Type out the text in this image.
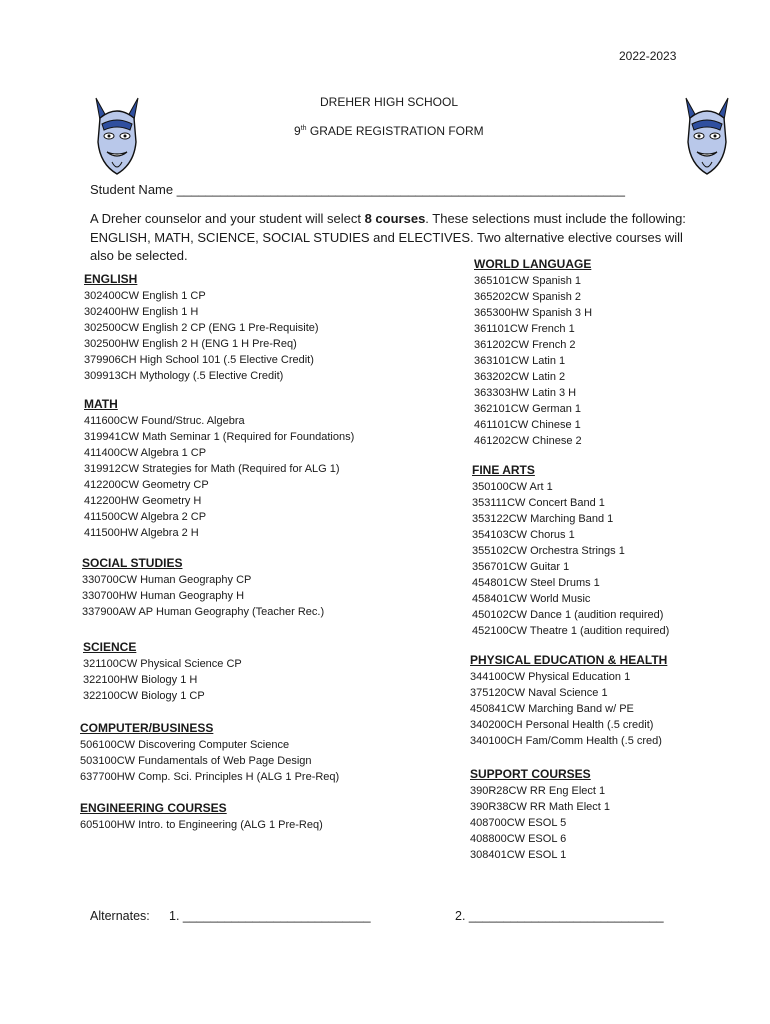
2022-2023
DREHER HIGH SCHOOL
9th GRADE REGISTRATION FORM
Student Name ______________________________________________________________
A Dreher counselor and your student will select 8 courses. These selections must include the following: ENGLISH, MATH, SCIENCE, SOCIAL STUDIES and ELECTIVES. Two alternative elective courses will also be selected.
ENGLISH
302400CW English 1 CP
302400HW English 1 H
302500CW English 2 CP (ENG 1 Pre-Requisite)
302500HW English 2 H (ENG 1 H Pre-Req)
379906CH High School 101 (.5 Elective Credit)
309913CH Mythology (.5 Elective Credit)
MATH
411600CW Found/Struc. Algebra
319941CW Math Seminar 1 (Required for Foundations)
411400CW Algebra 1 CP
319912CW Strategies for Math (Required for ALG 1)
412200CW Geometry CP
412200HW Geometry H
411500CW Algebra 2 CP
411500HW Algebra 2 H
SOCIAL STUDIES
330700CW Human Geography CP
330700HW Human Geography H
337900AW AP Human Geography (Teacher Rec.)
SCIENCE
321100CW Physical Science CP
322100HW Biology 1 H
322100CW Biology 1 CP
COMPUTER/BUSINESS
506100CW Discovering Computer Science
503100CW Fundamentals of Web Page Design
637700HW Comp. Sci. Principles H (ALG 1 Pre-Req)
ENGINEERING COURSES
605100HW Intro. to Engineering (ALG 1 Pre-Req)
WORLD LANGUAGE
365101CW Spanish 1
365202CW Spanish 2
365300HW Spanish 3 H
361101CW French 1
361202CW French 2
363101CW Latin 1
363202CW Latin 2
363303HW Latin 3 H
362101CW German 1
461101CW Chinese 1
461202CW Chinese 2
FINE ARTS
350100CW Art 1
353111CW Concert Band 1
353122CW Marching Band 1
354103CW Chorus 1
355102CW Orchestra Strings 1
356701CW Guitar 1
454801CW Steel Drums 1
458401CW World Music
450102CW Dance 1 (audition required)
452100CW Theatre 1 (audition required)
PHYSICAL EDUCATION & HEALTH
344100CW Physical Education 1
375120CW Naval Science 1
450841CW Marching Band w/ PE
340200CH Personal Health (.5 credit)
340100CH Fam/Comm Health (.5 cred)
SUPPORT COURSES
390R28CW RR Eng Elect 1
390R38CW RR Math Elect 1
408700CW ESOL 5
408800CW ESOL 6
308401CW ESOL 1
Alternates: 1. ___________________________	2. ____________________________
